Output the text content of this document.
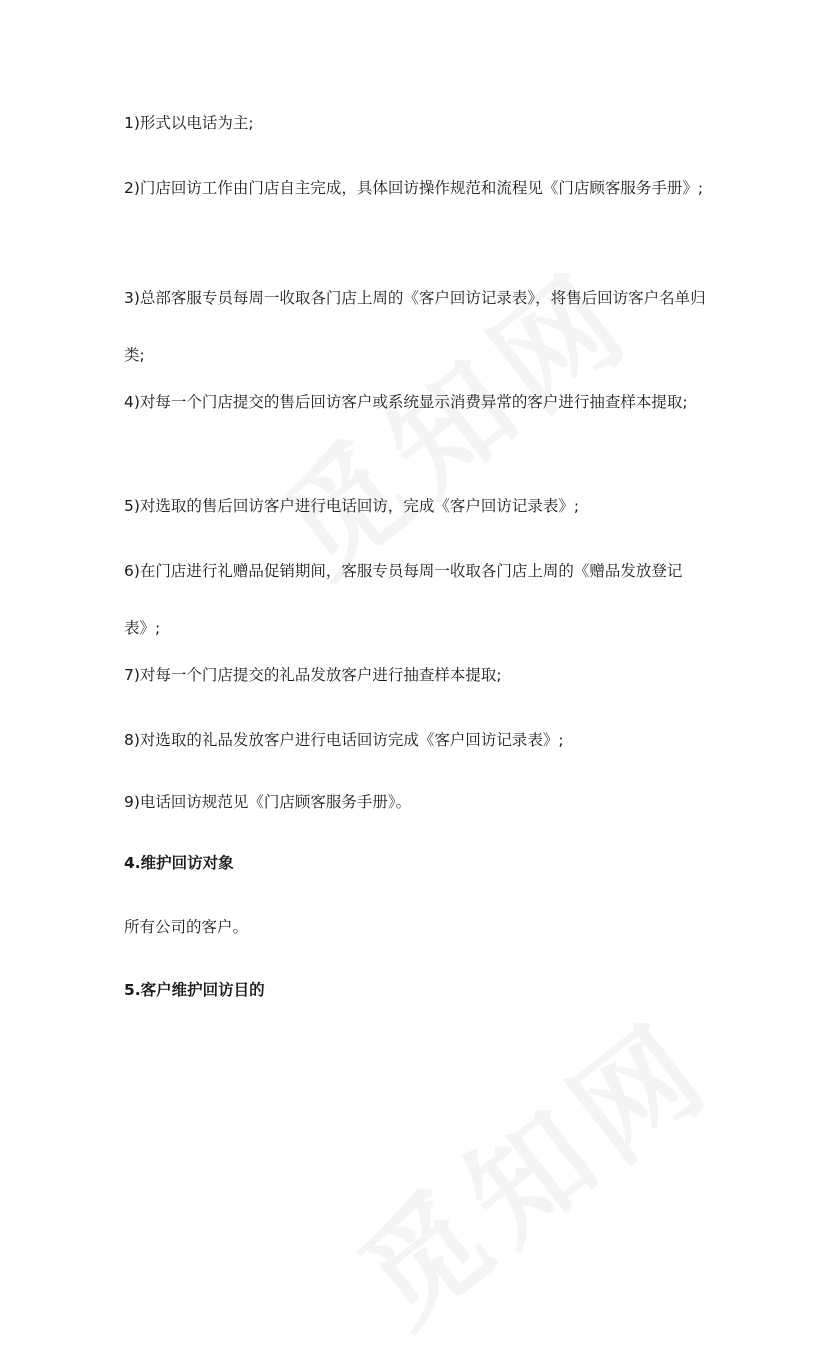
1)形式以电话为主;

2)门店回访工作由门店自主完成，具体回访操作规范和流程见《门店顾客服务手册》;

3)总部客服专员每周一收取各门店上周的《客户回访记录表》，将售后回访客户名单归类;

4)对每一个门店提交的售后回访客户或系统显示消费异常的客户进行抽查样本提取;

5)对选取的售后回访客户进行电话回访，完成《客户回访记录表》;

6)在门店进行礼赠品促销期间，客服专员每周一收取各门店上周的《赠品发放登记表》;

7)对每一个门店提交的礼品发放客户进行抽查样本提取;

8)对选取的礼品发放客户进行电话回访完成《客户回访记录表》;

9)电话回访规范见《门店顾客服务手册》。

4.维护回访对象

所有公司的客户。

5.客户维护回访目的
